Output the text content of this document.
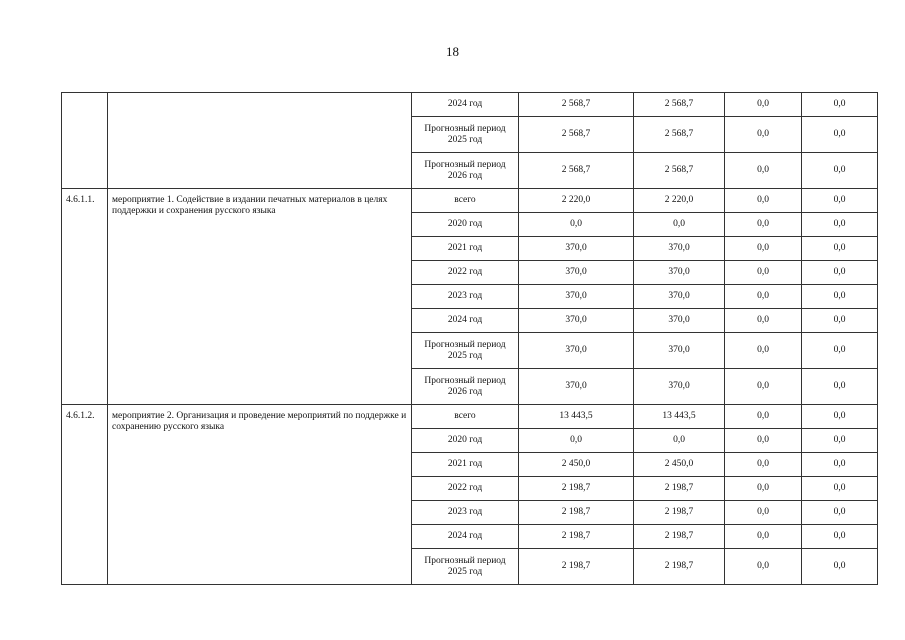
18
		2024 год	2 568,7	2 568,7	0,0	0,0
		Прогнозный период 2025 год	2 568,7	2 568,7	0,0	0,0
		Прогнозный период 2026 год	2 568,7	2 568,7	0,0	0,0
4.6.1.1.	мероприятие 1. Содействие в издании печатных материалов в целях поддержки и сохранения русского языка	всего	2 220,0	2 220,0	0,0	0,0
		2020 год	0,0	0,0	0,0	0,0
		2021 год	370,0	370,0	0,0	0,0
		2022 год	370,0	370,0	0,0	0,0
		2023 год	370,0	370,0	0,0	0,0
		2024 год	370,0	370,0	0,0	0,0
		Прогнозный период 2025 год	370,0	370,0	0,0	0,0
		Прогнозный период 2026 год	370,0	370,0	0,0	0,0
4.6.1.2.	мероприятие 2. Организация и проведение мероприятий по поддержке и сохранению русского языка	всего	13 443,5	13 443,5	0,0	0,0
		2020 год	0,0	0,0	0,0	0,0
		2021 год	2 450,0	2 450,0	0,0	0,0
		2022 год	2 198,7	2 198,7	0,0	0,0
		2023 год	2 198,7	2 198,7	0,0	0,0
		2024 год	2 198,7	2 198,7	0,0	0,0
		Прогнозный период 2025 год	2 198,7	2 198,7	0,0	0,0
